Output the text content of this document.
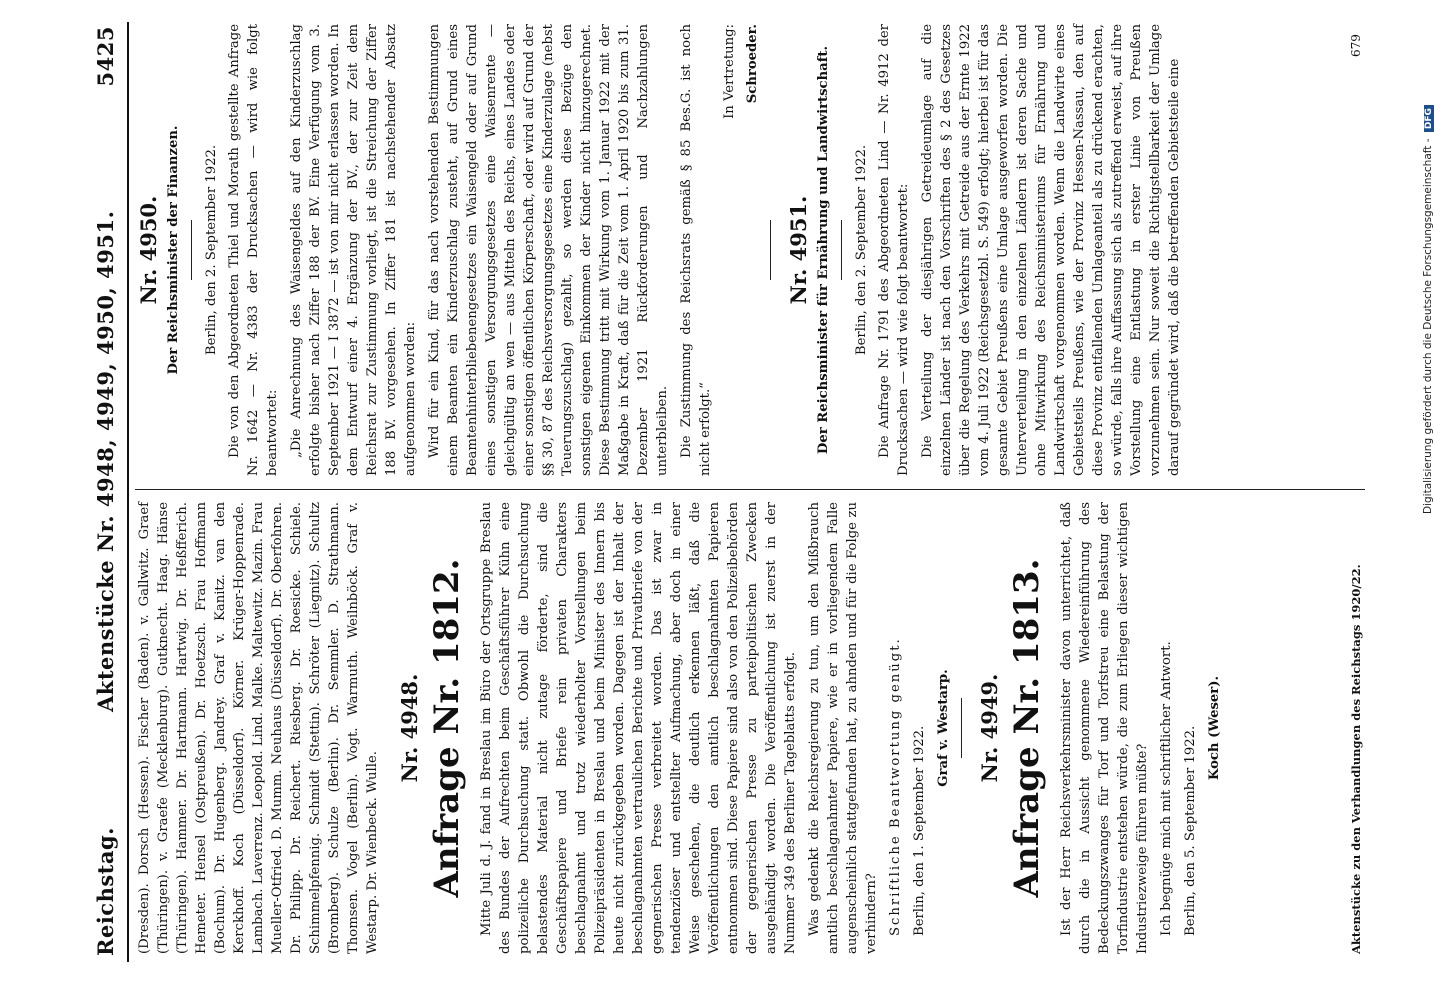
Reichstag.
Aktenstücke Nr. 4948, 4949, 4950, 4951.
5425

(Dresden). Dorsch (Hessen). Fischer (Baden). v. Gallwitz. Graef (Thüringen). v. Graefe (Mecklenburg). Gutknecht. Haag. Hänse (Thüringen). Hammer. Dr. Hartmann. Hartwig. Dr. Heßfferich. Hemeter. Hensel (Ostpreußen). Dr. Hoetzsch. Frau Hoffmann (Bochum). Dr. Hugenberg. Jandrey. Graf v. Kanitz. van den Kerckhoff. Koch (Düsseldorf). Körner. Krüger-Hoppenrade. Lambach. Laverrenz. Leopold. Lind. Malke. Maltewitz. Mazin. Frau Mueller-Otfried. D. Mumm. Neuhaus (Düsseldorf). Dr. Oberfohren. Dr. Philipp. Dr. Reichert. Riesberg. Dr. Roesicke. Schiele. Schimmelpfennig. Schmidt (Stettin). Schröter (Liegnitz). Schultz (Bromberg). Schulze (Berlin). Dr. Semmler. D. Strathmann. Thomsen. Vogel (Berlin). Vogt. Warmuth. Weilnböck. Graf v. Westarp. Dr. Wienbeck. Wulle.

Nr. 4948. Anfrage Nr. 1812. Mitte Juli d. J. fand in Breslau im Büro der Ortsgruppe Breslau des Bundes der Aufrechten beim Geschäftsführer Kühn eine polizeiliche Durchsuchung statt. Obwohl die Durchsuchung belastendes Material nicht zutage förderte, sind die Geschäftspapiere und Briefe rein privaten Charakters beschlagnahmt und trotz wiederholter Vorstellungen beim Polizeipräsidenten in Breslau und beim Minister des Innern bis heute nicht zurückgegeben worden. Dagegen ist der Inhalt der beschlagnahmten vertraulichen Berichte und Privatbriefe von der gegnerischen Presse verbreitet worden. Das ist zwar in tendenziöser und entstellter Aufmachung, aber doch in einer Weise geschehen, die deutlich erkennen läßt, daß die Veröffentlichungen den amtlich beschlagnahmten Papieren entnommen sind. Diese Papiere sind also von den Polizeibehörden der gegnerischen Presse zu parteipolitischen Zwecken ausgehändigt worden. Die Veröffentlichung ist zuerst in der Nummer 349 des Berliner Tageblatts erfolgt. Was gedenkt die Reichsregierung zu tun, um den Mißbrauch amtlich beschlagnahmter Papiere, wie er in vorliegendem Falle augenscheinlich stattgefunden hat, zu ahnden und für die Folge zu verhindern? Schriftliche Beantwortung genügt. Berlin, den 1. September 1922. Graf v. Westarp. Nr. 4949. Anfrage Nr. 1813. Ist der Herr Reichsverkehrsminister davon unterrichtet, daß durch die in Aussicht genommene Wiedereinführung des Bedeckungszwanges für Torf und Torfstreu eine Belastung der Torfindustrie entstehen würde, die zum Erliegen dieser wichtigen Industriezweige führen müßte? Ich begnüge mich mit schriftlicher Antwort. Berlin, den 5. September 1922. Koch (Weser).

Nr. 4950. Der Reichsminister der Finanzen. Berlin, den 2. September 1922. Die von den Abgeordneten Thiel und Morath gestellte Anfrage Nr. 1642 — Nr. 4383 der Drucksachen — wird wie folgt beantwortet: „Die Anrechnung des Waisengeldes auf den Kinderzuschlag erfolgte bisher nach Ziffer 188 der BV. Eine Verfügung vom 3. September 1921 — I 3872 — ist von mir nicht erlassen worden. In dem Entwurf einer 4. Ergänzung der BV., der zur Zeit dem Reichsrat zur Zustimmung vorliegt, ist die Streichung der Ziffer 188 BV. vorgesehen. In Ziffer 181 ist nachstehender Absatz aufgenommen worden: Wird für ein Kind, für das nach vorstehenden Bestimmungen einem Beamten ein Kinderzuschlag zusteht, auf Grund eines Beamtenhinterbliebenengesetzes ein Waisengeld oder auf Grund eines sonstigen Versorgungsgesetzes eine Waisenrente — gleichgültig an wen — aus Mitteln des Reichs, eines Landes oder einer sonstigen öffentlichen Körperschaft, oder wird auf Grund der §§ 30, 87 des Reichsversorgungsgesetzes eine Kinderzulage (nebst Teuerungszuschlag) gezahlt, so werden diese Bezüge den sonstigen eigenen Einkommen der Kinder nicht hinzugerechnet. Diese Bestimmung tritt mit Wirkung vom 1. Januar 1922 mit der Maßgabe in Kraft, daß für die Zeit vom 1. April 1920 bis zum 31. Dezember 1921 Rückforderungen und Nachzahlungen unterbleiben. Die Zustimmung des Reichsrats gemäß § 85 Bes.G. ist noch nicht erfolgt.“

In Vertretung: Schroeder.

Nr. 4951. Der Reichsminister für Ernährung und Landwirtschaft. Berlin, den 2. September 1922. Die Anfrage Nr. 1791 des Abgeordneten Lind — Nr. 4912 der Drucksachen — wird wie folgt beantwortet: Die Verteilung der diesjährigen Getreideumlage auf die einzelnen Länder ist nach den Vorschriften des § 2 des Gesetzes über die Regelung des Verkehrs mit Getreide aus der Ernte 1922 vom 4. Juli 1922 (Reichsgesetzbl. S. 549) erfolgt; hierbei ist für das gesamte Gebiet Preußens eine Umlage ausgeworfen worden. Die Unterverteilung in den einzelnen Ländern ist deren Sache und ohne Mitwirkung des Reichsministeriums für Ernährung und Landwirtschaft vorgenommen worden. Wenn die Landwirte eines Gebietsteils Preußens, wie der Provinz Hessen-Nassau, den auf diese Provinz entfallenden Umlageanteil als zu drückend erachten, so würde, falls ihre Auffassung sich als zutreffend erweist, auf ihre Vorstellung eine Entlastung in erster Linie von Preußen vorzunehmen sein. Nur soweit die Richtigstellbarkeit der Umlage darauf gegründet wird, daß die betreffenden Gebietsteile eine

Aktenstücke zu den Verhandlungen des Reichstags 1920/22.
679
Digitalisierung gefördert durch die Deutsche Forschungsgemeinschaft - DFG
